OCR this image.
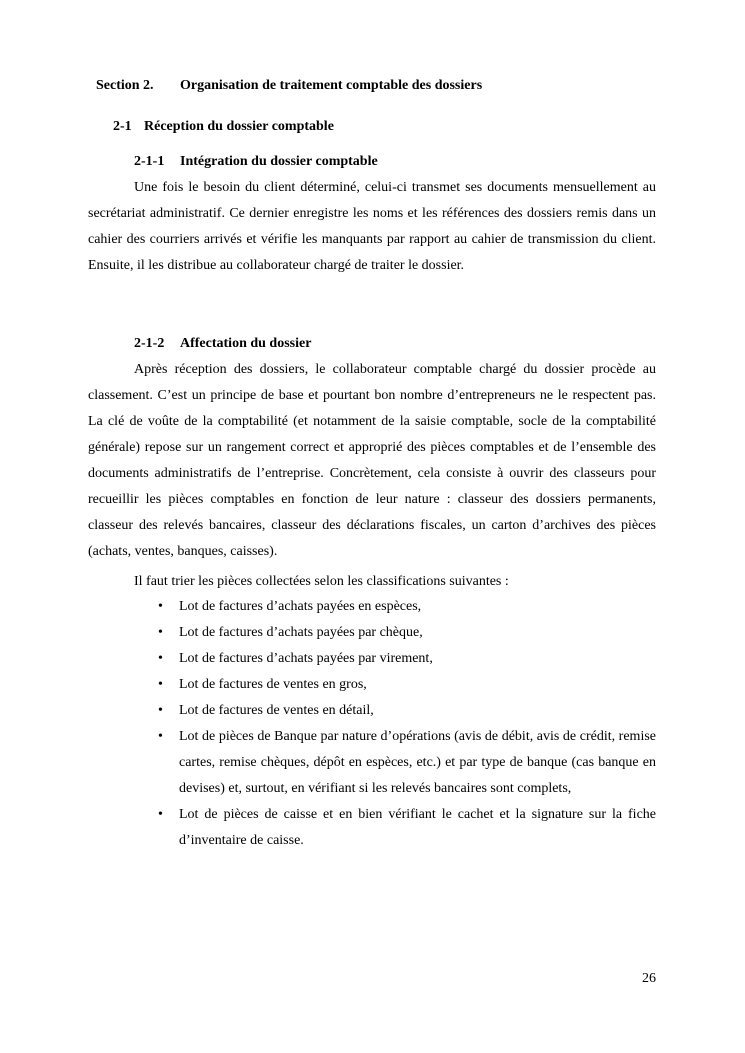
Section 2. Organisation de traitement comptable des dossiers
2-1 Réception du dossier comptable
2-1-1 Intégration du dossier comptable

Une fois le besoin du client déterminé, celui-ci transmet ses documents mensuellement au secrétariat administratif. Ce dernier enregistre les noms et les références des dossiers remis dans un cahier des courriers arrivés et vérifie les manquants par rapport au cahier de transmission du client. Ensuite, il les distribue au collaborateur chargé de traiter le dossier.

2-1-2 Affectation du dossier

Après réception des dossiers, le collaborateur comptable chargé du dossier procède au classement. C’est un principe de base et pourtant bon nombre d’entrepreneurs ne le respectent pas. La clé de voûte de la comptabilité (et notamment de la saisie comptable, socle de la comptabilité générale) repose sur un rangement correct et approprié des pièces comptables et de l’ensemble des documents administratifs de l’entreprise. Concrètement, cela consiste à ouvrir des classeurs pour recueillir les pièces comptables en fonction de leur nature : classeur des dossiers permanents, classeur des relevés bancaires, classeur des déclarations fiscales, un carton d’archives des pièces (achats, ventes, banques, caisses).

Il faut trier les pièces collectées selon les classifications suivantes :
• Lot de factures d’achats payées en espèces,
• Lot de factures d’achats payées par chèque,
• Lot de factures d’achats payées par virement,
• Lot de factures de ventes en gros,
• Lot de factures de ventes en détail,
• Lot de pièces de Banque par nature d’opérations (avis de débit, avis de crédit, remise cartes, remise chèques, dépôt en espèces, etc.) et par type de banque (cas banque en devises) et, surtout, en vérifiant si les relevés bancaires sont complets,
• Lot de pièces de caisse et en bien vérifiant le cachet et la signature sur la fiche d’inventaire de caisse.
26
